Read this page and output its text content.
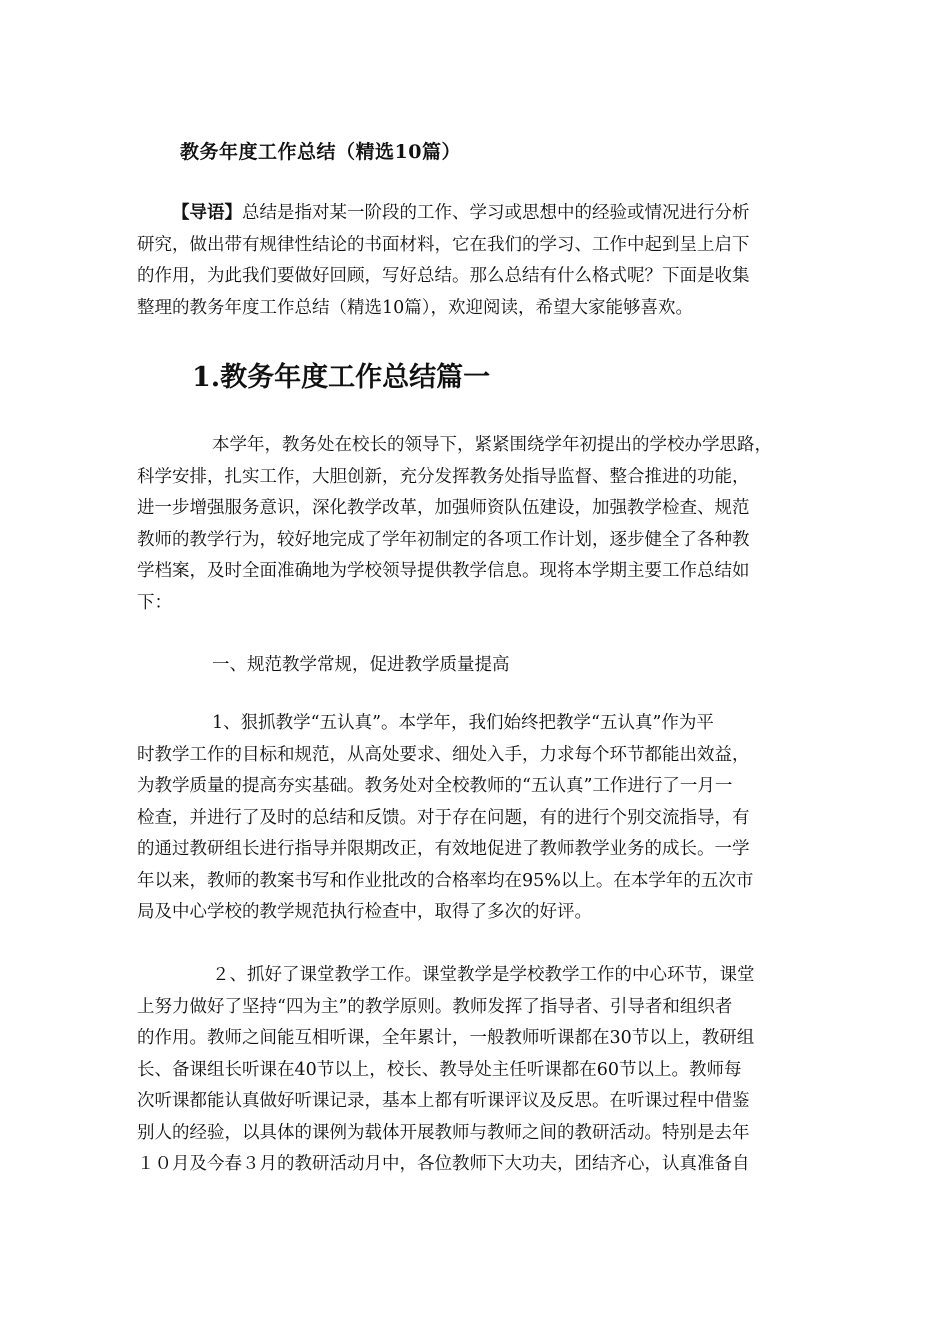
教务年度工作总结（精选10篇）

【导语】总结是指对某一阶段的工作、学习或思想中的经验或情况进行分析

研究，做出带有规律性结论的书面材料，它在我们的学习、工作中起到呈上启下

的作用，为此我们要做好回顾，写好总结。那么总结有什么格式呢？下面是收集

整理的教务年度工作总结（精选10篇），欢迎阅读，希望大家能够喜欢。

1.教务年度工作总结篇一
本学年，教务处在校长的领导下，紧紧围绕学年初提出的学校办学思路，
科学安排，扎实工作，大胆创新，充分发挥教务处指导监督、整合推进的功能，
进一步增强服务意识，深化教学改革，加强师资队伍建设，加强教学检查、规范
教师的教学行为，较好地完成了学年初制定的各项工作计划，逐步健全了各种教
学档案，及时全面准确地为学校领导提供教学信息。现将本学期主要工作总结如
下：
一、规范教学常规，促进教学质量提高
1、狠抓教学“五认真”。本学年，我们始终把教学“五认真”作为平
时教学工作的目标和规范，从高处要求、细处入手，力求每个环节都能出效益，
为教学质量的提高夯实基础。教务处对全校教师的“五认真”工作进行了一月一
检查，并进行了及时的总结和反馈。对于存在问题，有的进行个别交流指导，有
的通过教研组长进行指导并限期改正，有效地促进了教师教学业务的成长。一学
年以来，教师的教案书写和作业批改的合格率均在95%以上。在本学年的五次市
局及中心学校的教学规范执行检查中，取得了多次的好评。
２、抓好了课堂教学工作。课堂教学是学校教学工作的中心环节，课堂
上努力做好了坚持“四为主”的教学原则。教师发挥了指导者、引导者和组织者
的作用。教师之间能互相听课，全年累计，一般教师听课都在30节以上，教研组
长、备课组长听课在40节以上，校长、教导处主任听课都在60节以上。教师每
次听课都能认真做好听课记录，基本上都有听课评议及反思。在听课过程中借鉴
别人的经验，以具体的课例为载体开展教师与教师之间的教研活动。特别是去年
１０月及今春３月的教研活动月中，各位教师下大功夫，团结齐心，认真准备自
